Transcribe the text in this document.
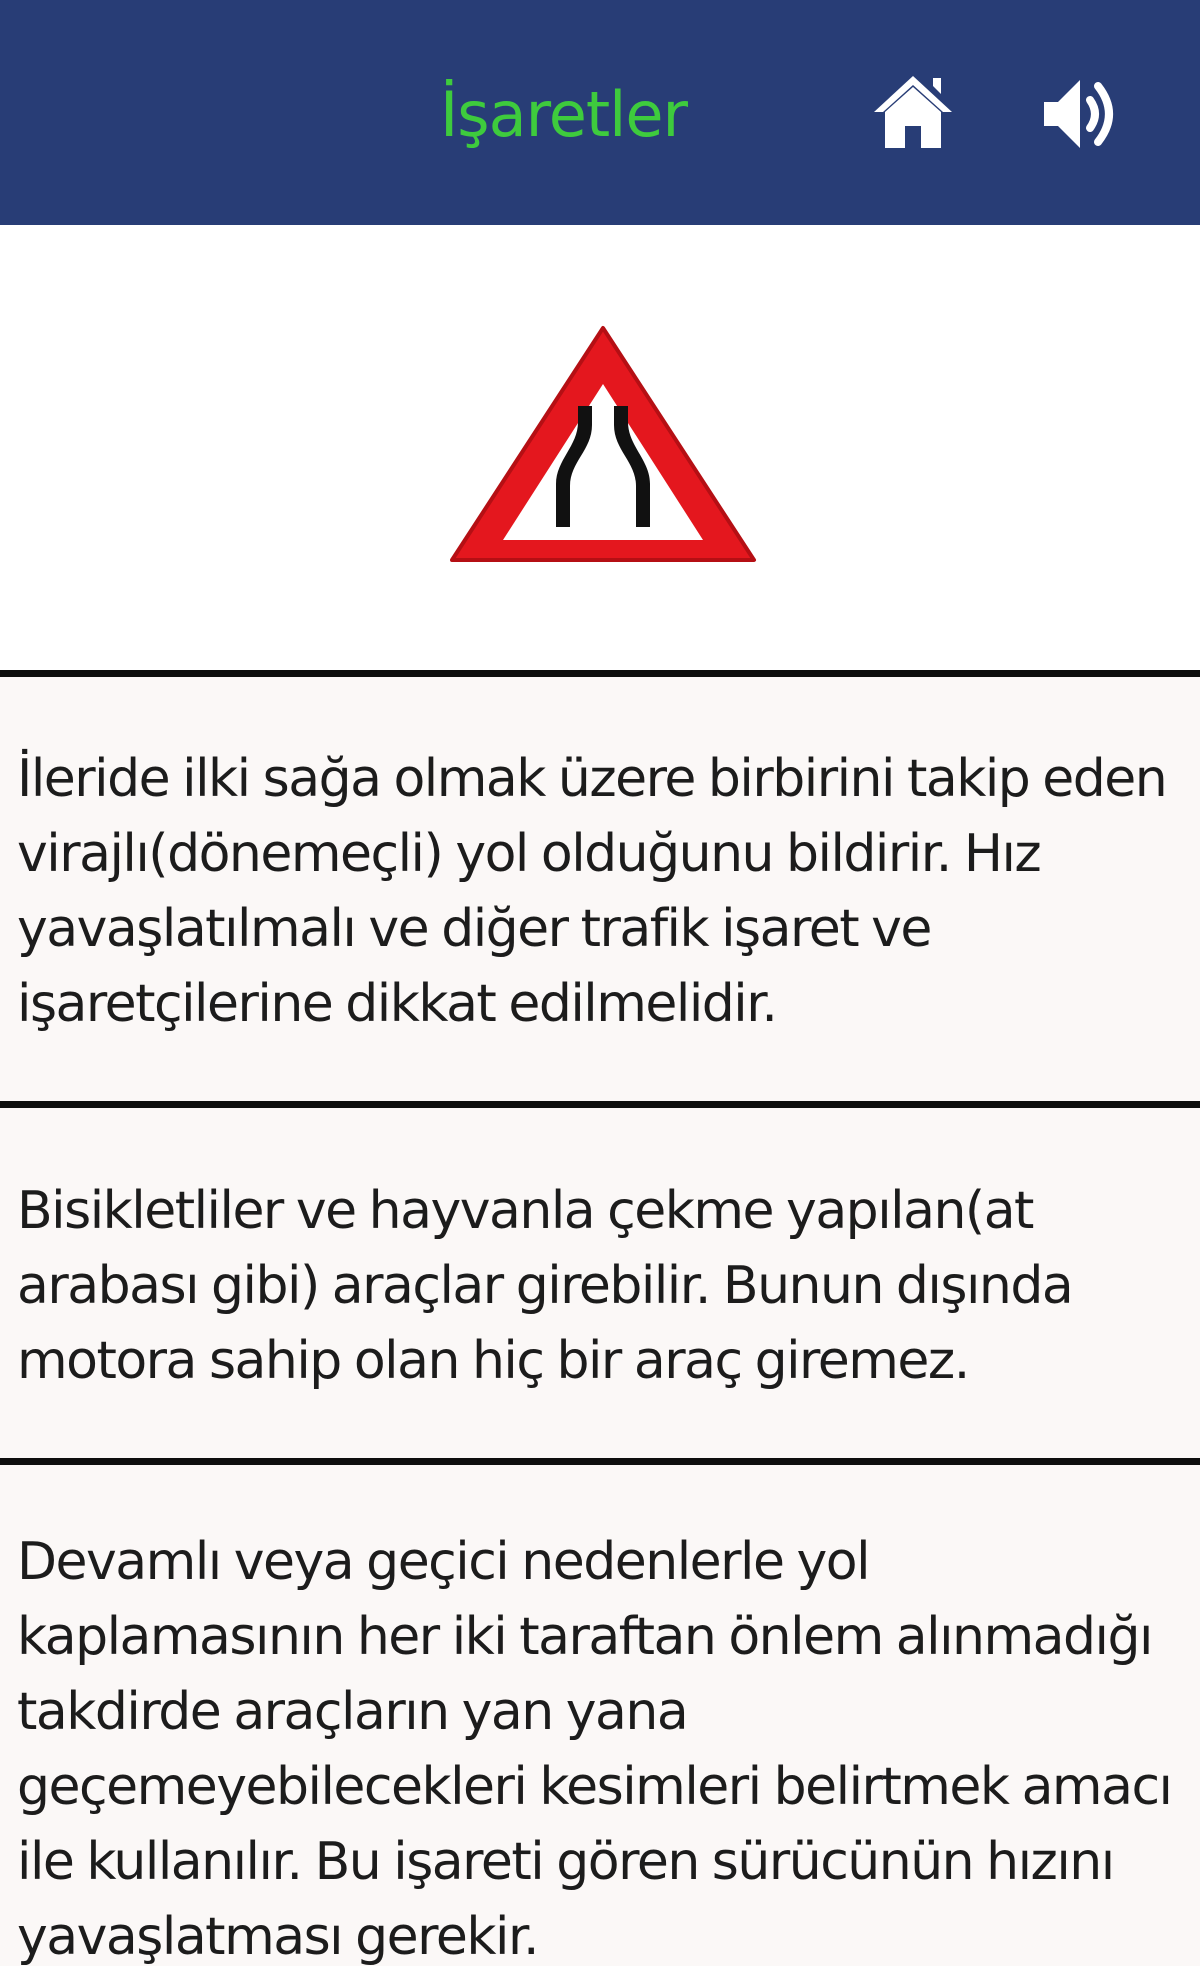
İşaretler

İleride ilki sağa olmak üzere birbirini takip eden virajlı(dönemeçli) yol olduğunu bildirir. Hız yavaşlatılmalı ve diğer trafik işaret ve işaretçilerine dikkat edilmelidir.

Bisikletliler ve hayvanla çekme yapılan(at arabası gibi) araçlar girebilir. Bunun dışında motora sahip olan hiç bir araç giremez.

Devamlı veya geçici nedenlerle yol kaplamasının her iki taraftan önlem alınmadığı takdirde araçların yan yana geçemeyebilecekleri kesimleri belirtmek amacı ile kullanılır. Bu işareti gören sürücünün hızını yavaşlatması gerekir.
